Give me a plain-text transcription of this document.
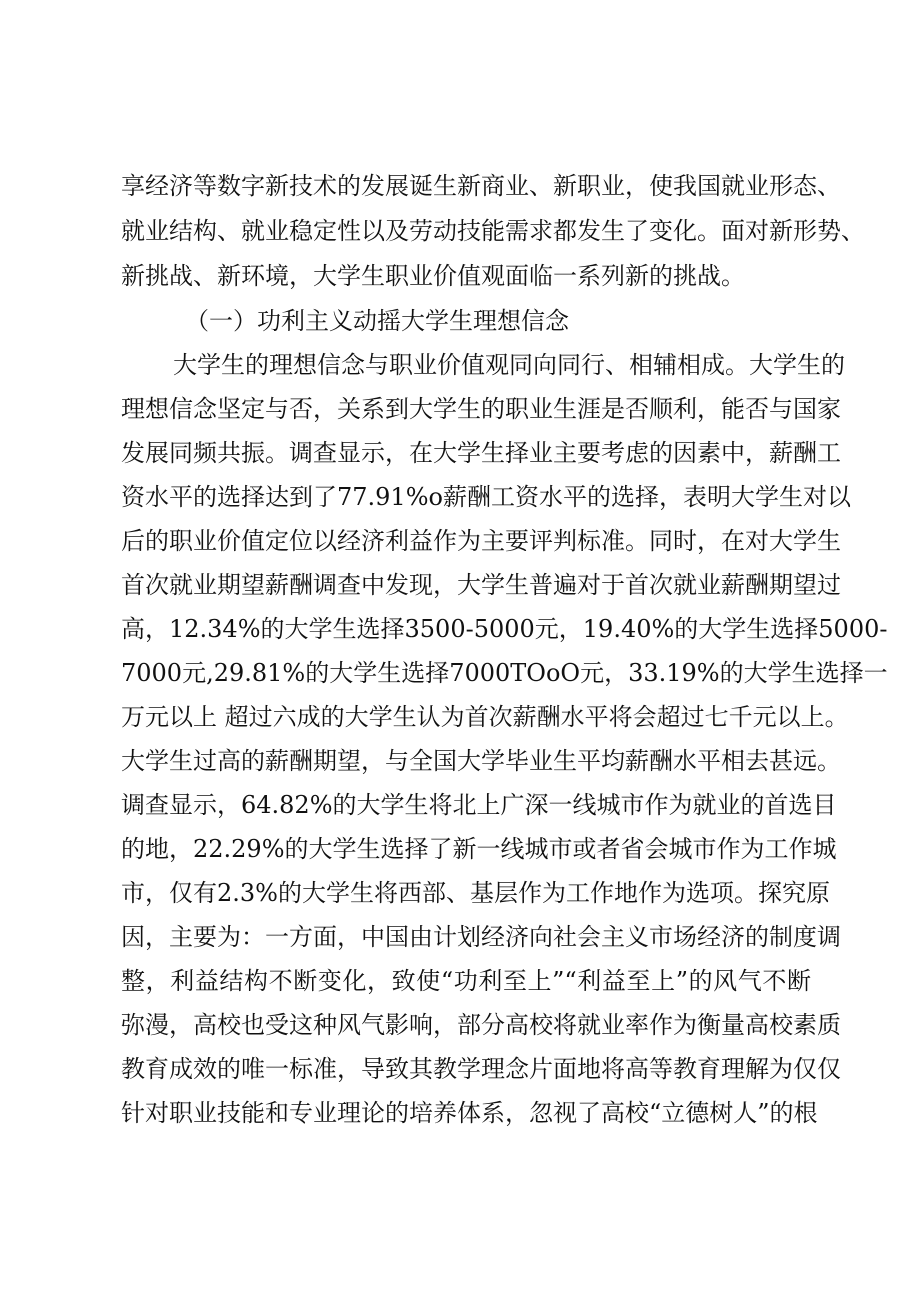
享经济等数字新技术的发展诞生新商业、新职业，使我国就业形态、
就业结构、就业稳定性以及劳动技能需求都发生了变化。面对新形势、
新挑战、新环境，大学生职业价值观面临一系列新的挑战。
（一）功利主义动摇大学生理想信念
大学生的理想信念与职业价值观同向同行、相辅相成。大学生的
理想信念坚定与否，关系到大学生的职业生涯是否顺利，能否与国家
发展同频共振。调查显示，在大学生择业主要考虑的因素中，薪酬工
资水平的选择达到了77.91%o薪酬工资水平的选择，表明大学生对以
后的职业价值定位以经济利益作为主要评判标准。同时，在对大学生
首次就业期望薪酬调查中发现，大学生普遍对于首次就业薪酬期望过
高，12.34%的大学生选择3500-5000元，19.40%的大学生选择5000-
7000元,29.81%的大学生选择7000TOoO元，33.19%的大学生选择一
万元以上 超过六成的大学生认为首次薪酬水平将会超过七千元以上。
大学生过高的薪酬期望，与全国大学毕业生平均薪酬水平相去甚远。
调查显示，64.82%的大学生将北上广深一线城市作为就业的首选目
的地，22.29%的大学生选择了新一线城市或者省会城市作为工作城
市，仅有2.3%的大学生将西部、基层作为工作地作为选项。探究原
因，主要为：一方面，中国由计划经济向社会主义市场经济的制度调
整，利益结构不断变化，致使“功利至上”“利益至上”的风气不断
弥漫，高校也受这种风气影响，部分高校将就业率作为衡量高校素质
教育成效的唯一标准，导致其教学理念片面地将高等教育理解为仅仅
针对职业技能和专业理论的培养体系，忽视了高校“立德树人”的根
